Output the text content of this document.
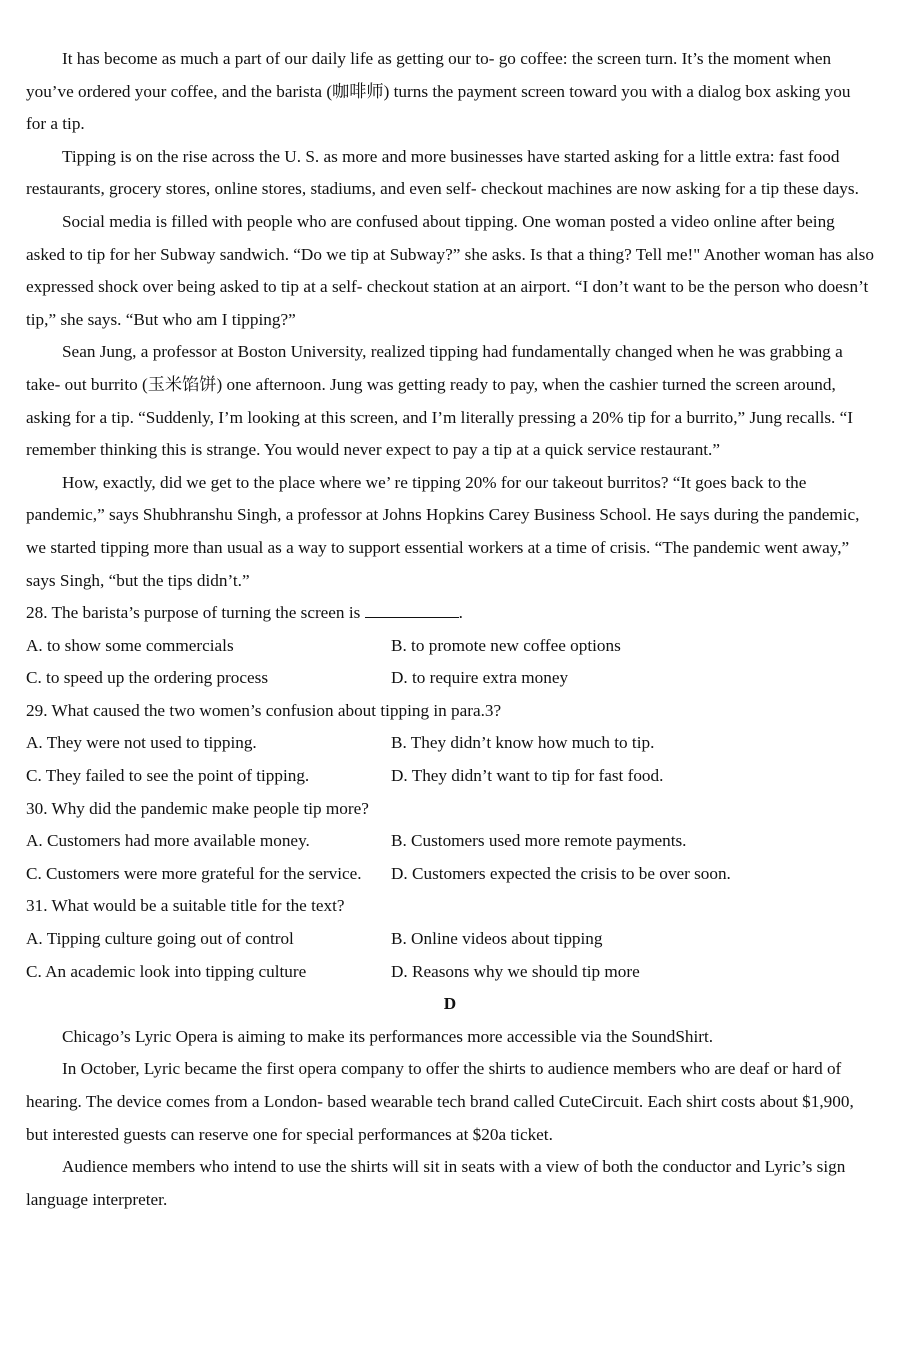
It has become as much a part of our daily life as getting our to- go coffee: the screen turn. It’s the moment when you’ve ordered your coffee, and the barista (咖啡师) turns the payment screen toward you with a dialog box asking you for a tip.

Tipping is on the rise across the U. S. as more and more businesses have started asking for a little extra: fast food restaurants, grocery stores, online stores, stadiums, and even self- checkout machines are now asking for a tip these days.

Social media is filled with people who are confused about tipping. One woman posted a video online after being asked to tip for her Subway sandwich. “Do we tip at Subway?” she asks. Is that a thing? Tell me!" Another woman has also expressed shock over being asked to tip at a self- checkout station at an airport. “I don’t want to be the person who doesn’t tip,” she says. “But who am I tipping?”

Sean Jung, a professor at Boston University, realized tipping had fundamentally changed when he was grabbing a take- out burrito (玉米馅饼) one afternoon. Jung was getting ready to pay, when the cashier turned the screen around, asking for a tip. “Suddenly, I’m looking at this screen, and I’m literally pressing a 20% tip for a burrito,” Jung recalls. “I remember thinking this is strange. You would never expect to pay a tip at a quick service restaurant.”

How, exactly, did we get to the place where we’ re tipping 20% for our takeout burritos? “It goes back to the pandemic,” says Shubhranshu Singh, a professor at Johns Hopkins Carey Business School. He says during the pandemic, we started tipping more than usual as a way to support essential workers at a time of crisis. “The pandemic went away,” says Singh, “but the tips didn’t.”

28. The barista’s purpose of turning the screen is	.

A. to show some commercials	B. to promote new coffee options
C. to speed up the ordering process	D. to require extra money

29. What caused the two women’s confusion about tipping in para.3?

A. They were not used to tipping.	B. They didn’t know how much to tip.
C. They failed to see the point of tipping.	D. They didn’t want to tip for fast food.

30. Why did the pandemic make people tip more?

A. Customers had more available money.	B. Customers used more remote payments.
C. Customers were more grateful for the service.	D. Customers expected the crisis to be over soon.

31. What would be a suitable title for the text?

A. Tipping culture going out of control	B. Online videos about tipping
C. An academic look into tipping culture	D. Reasons why we should tip more

D

Chicago’s Lyric Opera is aiming to make its performances more accessible via the SoundShirt.

In October, Lyric became the first opera company to offer the shirts to audience members who are deaf or hard of hearing. The device comes from a London- based wearable tech brand called CuteCircuit. Each shirt costs about $1,900, but interested guests can reserve one for special performances at $20a ticket.

Audience members who intend to use the shirts will sit in seats with a view of both the conductor and Lyric’s sign language interpreter.
